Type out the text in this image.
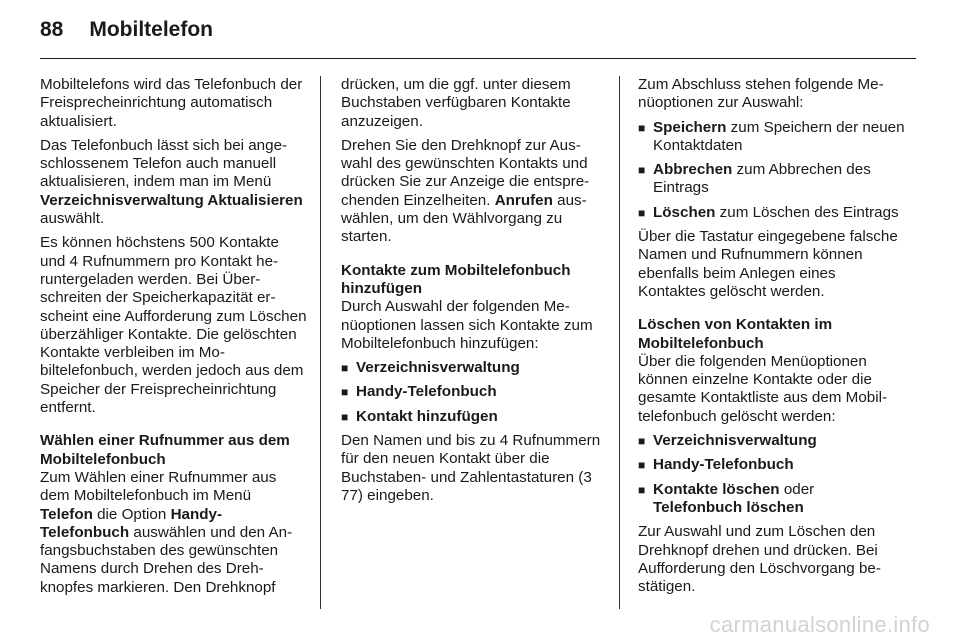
88 Mobiltelefon

Mobiltelefons wird das Telefonbuch der Freisprecheinrichtung automatisch aktualisiert.

Das Telefonbuch lässt sich bei angeschlossenem Telefon auch manuell aktualisieren, indem man im Menü Verzeichnisverwaltung Aktualisieren auswählt.

Es können höchstens 500 Kontakte und 4 Rufnummern pro Kontakt heruntergeladen werden. Bei Überschreiten der Speicherkapazität erscheint eine Aufforderung zum Löschen überzähliger Kontakte. Die gelöschten Kontakte verbleiben im Mobiltelefonbuch, werden jedoch aus dem Speicher der Freisprecheinrichtung entfernt.

Wählen einer Rufnummer aus dem Mobiltelefonbuch

Zum Wählen einer Rufnummer aus dem Mobiltelefonbuch im Menü Telefon die Option Handy-Telefonbuch auswählen und den Anfangsbuchstaben des gewünschten Namens durch Drehen des Drehknopfes markieren. Den Drehknopf

drücken, um die ggf. unter diesem Buchstaben verfügbaren Kontakte anzuzeigen.

Drehen Sie den Drehknopf zur Auswahl des gewünschten Kontakts und drücken Sie zur Anzeige die entsprechenden Einzelheiten. Anrufen auswählen, um den Wählvorgang zu starten.

Kontakte zum Mobiltelefonbuch hinzufügen

Durch Auswahl der folgenden Menüoptionen lassen sich Kontakte zum Mobiltelefonbuch hinzufügen:

■ Verzeichnisverwaltung
■ Handy-Telefonbuch
■ Kontakt hinzufügen

Den Namen und bis zu 4 Rufnummern für den neuen Kontakt über die Buchstaben- und Zahlentastaturen (3 77) eingeben.

Zum Abschluss stehen folgende Menüoptionen zur Auswahl:

■ Speichern zum Speichern der neuen Kontaktdaten
■ Abbrechen zum Abbrechen des Eintrags
■ Löschen zum Löschen des Eintrags

Über die Tastatur eingegebene falsche Namen und Rufnummern können ebenfalls beim Anlegen eines Kontaktes gelöscht werden.

Löschen von Kontakten im Mobiltelefonbuch

Über die folgenden Menüoptionen können einzelne Kontakte oder die gesamte Kontaktliste aus dem Mobiltelefonbuch gelöscht werden:

■ Verzeichnisverwaltung
■ Handy-Telefonbuch
■ Kontakte löschen oder
Telefonbuch löschen

Zur Auswahl und zum Löschen den Drehknopf drehen und drücken. Bei Aufforderung den Löschvorgang bestätigen.

carmanualsonline.info
